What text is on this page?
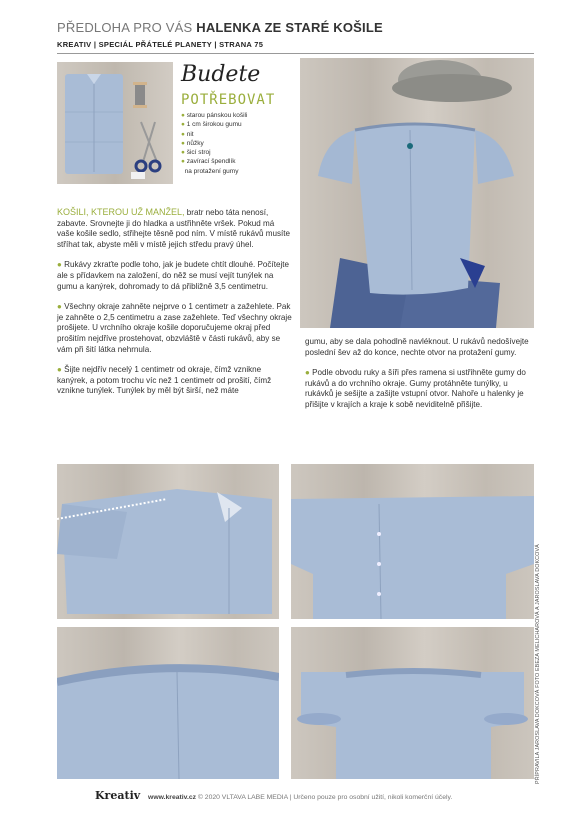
PŘEDLOHA PRO VÁS HALENKA ZE STARÉ KOŠILE
KREATIV | SPECIÁL PŘÁTELÉ PLANETY | STRANA 75
Budete
POTŘEBOVAT
● starou pánskou košili
● 1 cm širokou gumu
● nit
● nůžky
● šicí stroj
● zavírací špendlík
na protažení gumy

KOŠILI, KTEROU UŽ MANŽEL, bratr nebo táta nenosí, zabavte. Srovnejte ji do hladka a ustřihněte vršek. Pokud má vaše košile sedlo, střihejte těsně pod ním. V místě rukávů musíte stříhat tak, abyste měli v místě jejich středu pravý úhel.

● Rukávy zkraťte podle toho, jak je budete chtít dlouhé. Počítejte ale s přídavkem na založení, do něž se musí vejít tunýlek na gumu a kanýrek, dohromady to dá přibližně 3,5 centimetru.

● Všechny okraje zahněte nejprve o 1 centimetr a zažehlete. Pak je zahněte o 2,5 centimetru a zase zažehlete. Teď všechny okraje prošijete. U vrchního okraje košile doporučujeme okraj před prošitím nejdříve prostehovat, obzvláště v části rukávů, aby se vám při šití látka nehrnula.

● Šijte nejdřív necelý 1 centimetr od okraje, čímž vznikne kanýrek, a potom trochu víc než 1 centimetr od prošití, čímž vznikne tunýlek. Tunýlek by měl být širší, než máte

gumu, aby se dala pohodlně navléknout. U rukávů nedošívejte poslední šev až do konce, nechte otvor na protažení gumy.

● Podle obvodu ruky a šíři přes ramena si ustřihněte gumy do rukávů a do vrchního okraje. Gumy protáhněte tunýlky, u rukávků je sešijte a zašijte vstupní otvor. Nahoře u halenky je přišijte v krajích a kraje k sobě neviditelně přišijte.

PŘÍPRAVILA JAROSLAVA DOKCOVÁ FOTO EBEZA MELICHAROVÁ A JAROSLAVA DOKCOVÁ
Kreativ www.kreativ.cz © 2020 VLTAVA LABE MEDIA | Určeno pouze pro osobní užití, nikoli komerční účely.
